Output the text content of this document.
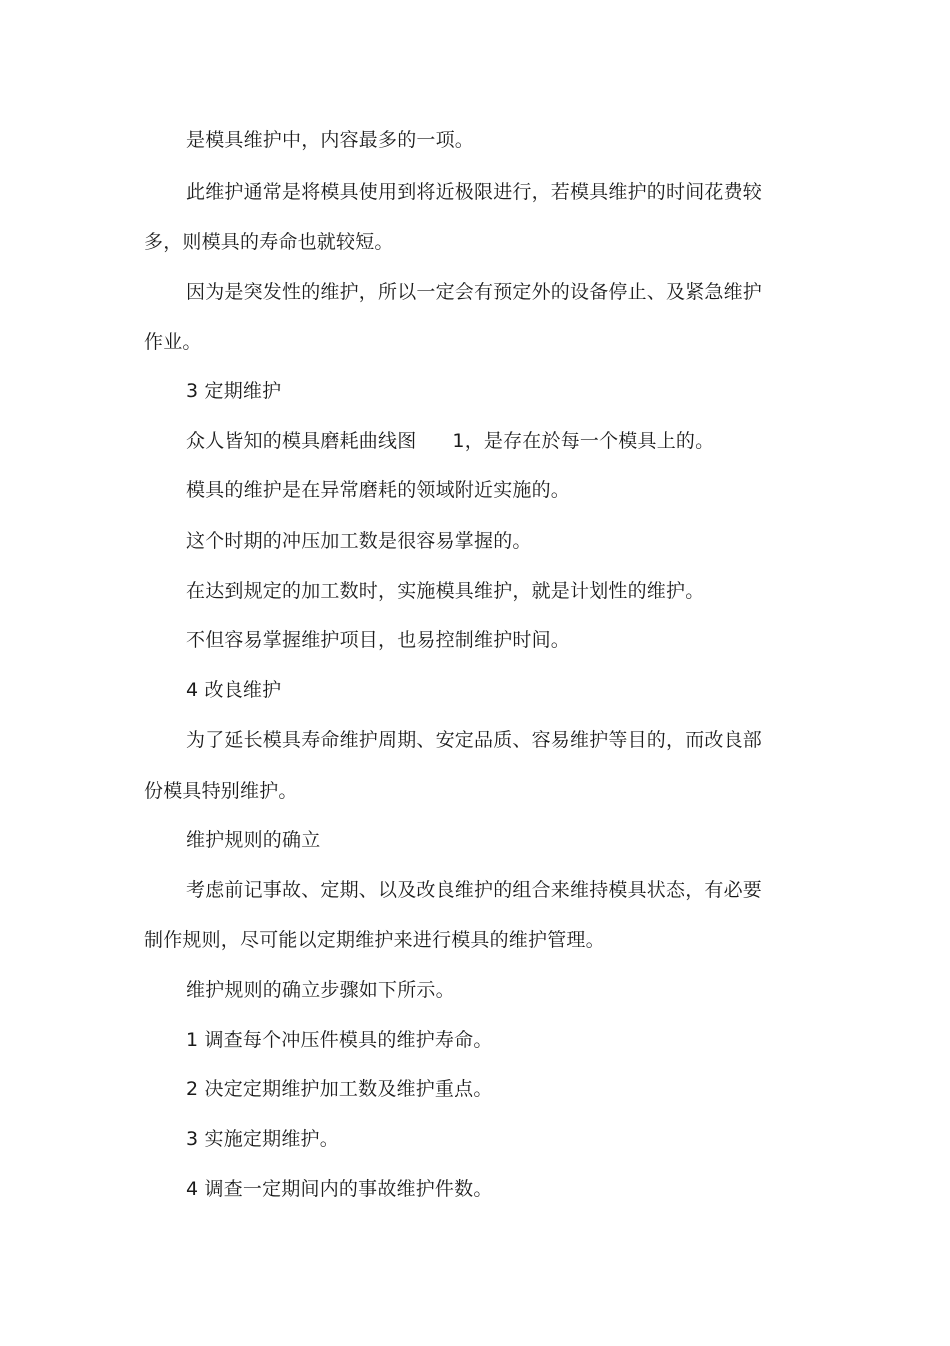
是模具维护中，内容最多的一项。

此维护通常是将模具使用到将近极限进行，若模具维护的时间花费较

多，则模具的寿命也就较短。

因为是突发性的维护，所以一定会有预定外的设备停止、及紧急维护

作业。

3 定期维护

众人皆知的模具磨耗曲线图 1，是存在於每一个模具上的。

模具的维护是在异常磨耗的领域附近实施的。

这个时期的冲压加工数是很容易掌握的。

在达到规定的加工数时，实施模具维护，就是计划性的维护。

不但容易掌握维护项目，也易控制维护时间。

4 改良维护

为了延长模具寿命维护周期、安定品质、容易维护等目的，而改良部

份模具特别维护。

维护规则的确立

考虑前记事故、定期、以及改良维护的组合来维持模具状态，有必要

制作规则，尽可能以定期维护来进行模具的维护管理。

维护规则的确立步骤如下所示。

1 调查每个冲压件模具的维护寿命。

2 决定定期维护加工数及维护重点。

3 实施定期维护。

4 调查一定期间内的事故维护件数。
